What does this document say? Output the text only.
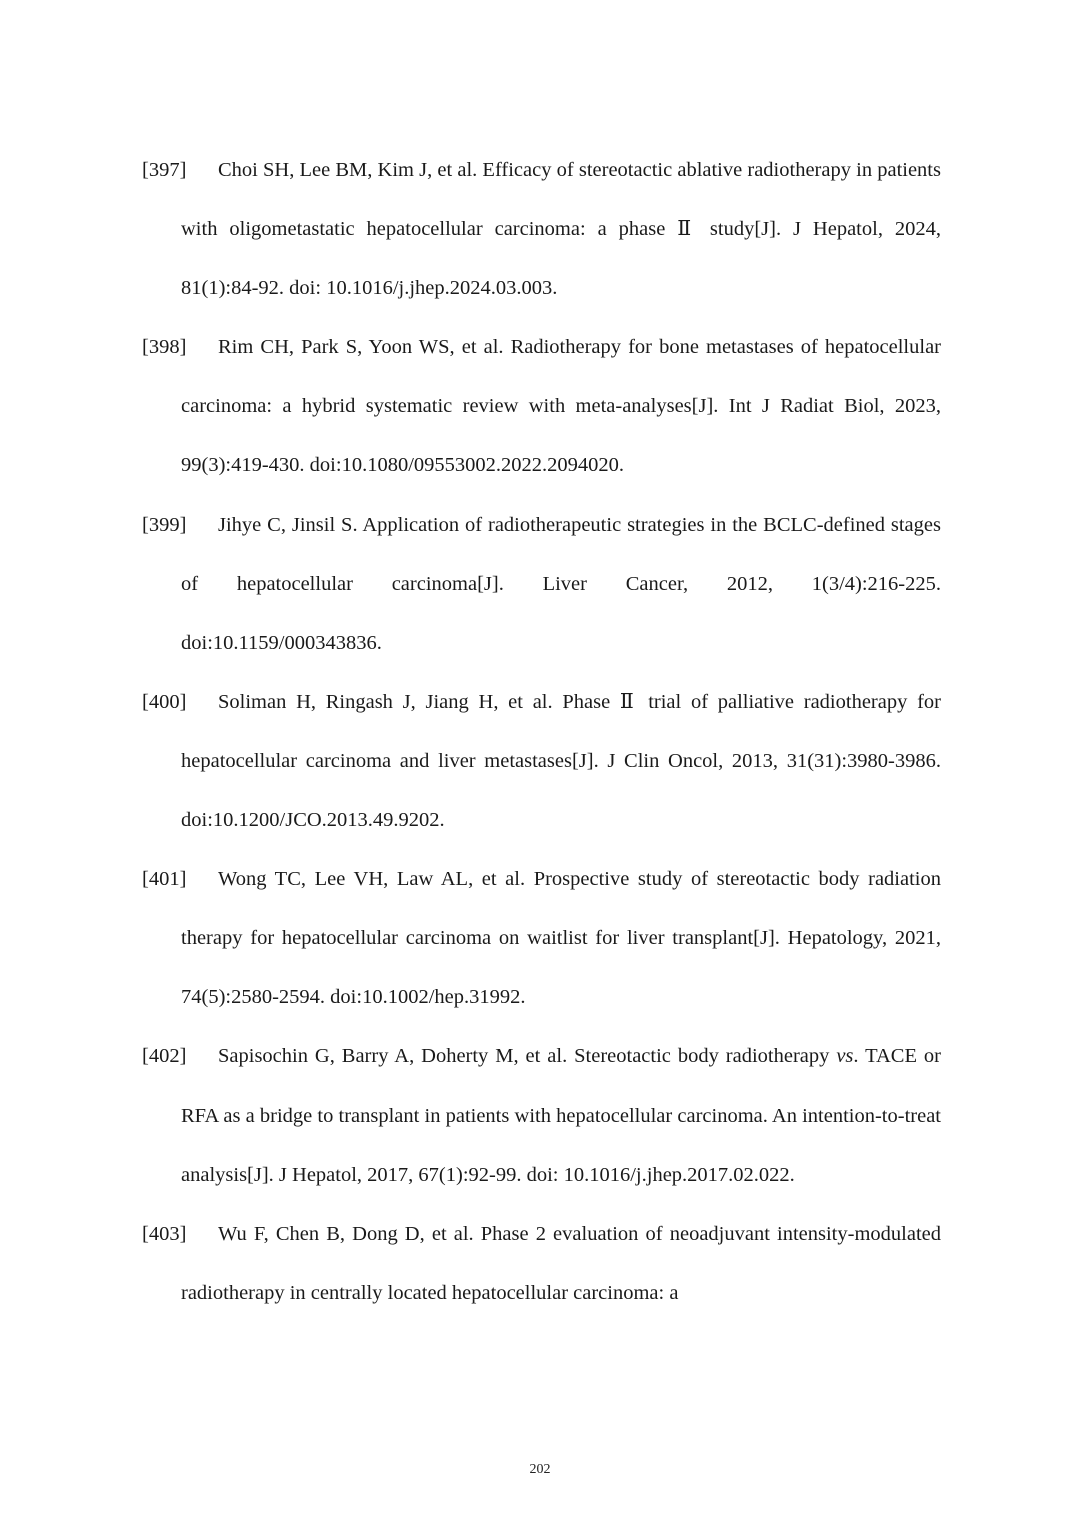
[397] Choi SH, Lee BM, Kim J, et al. Efficacy of stereotactic ablative radiotherapy in patients with oligometastatic hepatocellular carcinoma: a phase Ⅱ study[J]. J Hepatol, 2024, 81(1):84-92. doi: 10.1016/j.jhep.2024.03.003.

[398] Rim CH, Park S, Yoon WS, et al. Radiotherapy for bone metastases of hepatocellular carcinoma: a hybrid systematic review with meta-analyses[J]. Int J Radiat Biol, 2023, 99(3):419-430. doi:10.1080/09553002.2022.2094020.

[399] Jihye C, Jinsil S. Application of radiotherapeutic strategies in the BCLC-defined stages of hepatocellular carcinoma[J]. Liver Cancer, 2012, 1(3/4):216-225. doi:10.1159/000343836.

[400] Soliman H, Ringash J, Jiang H, et al. Phase Ⅱ trial of palliative radiotherapy for hepatocellular carcinoma and liver metastases[J]. J Clin Oncol, 2013, 31(31):3980-3986. doi:10.1200/JCO.2013.49.9202.

[401] Wong TC, Lee VH, Law AL, et al. Prospective study of stereotactic body radiation therapy for hepatocellular carcinoma on waitlist for liver transplant[J]. Hepatology, 2021, 74(5):2580-2594. doi:10.1002/hep.31992.

[402] Sapisochin G, Barry A, Doherty M, et al. Stereotactic body radiotherapy vs. TACE or RFA as a bridge to transplant in patients with hepatocellular carcinoma. An intention-to-treat analysis[J]. J Hepatol, 2017, 67(1):92-99. doi: 10.1016/j.jhep.2017.02.022.

[403] Wu F, Chen B, Dong D, et al. Phase 2 evaluation of neoadjuvant intensity-modulated radiotherapy in centrally located hepatocellular carcinoma: a

202
